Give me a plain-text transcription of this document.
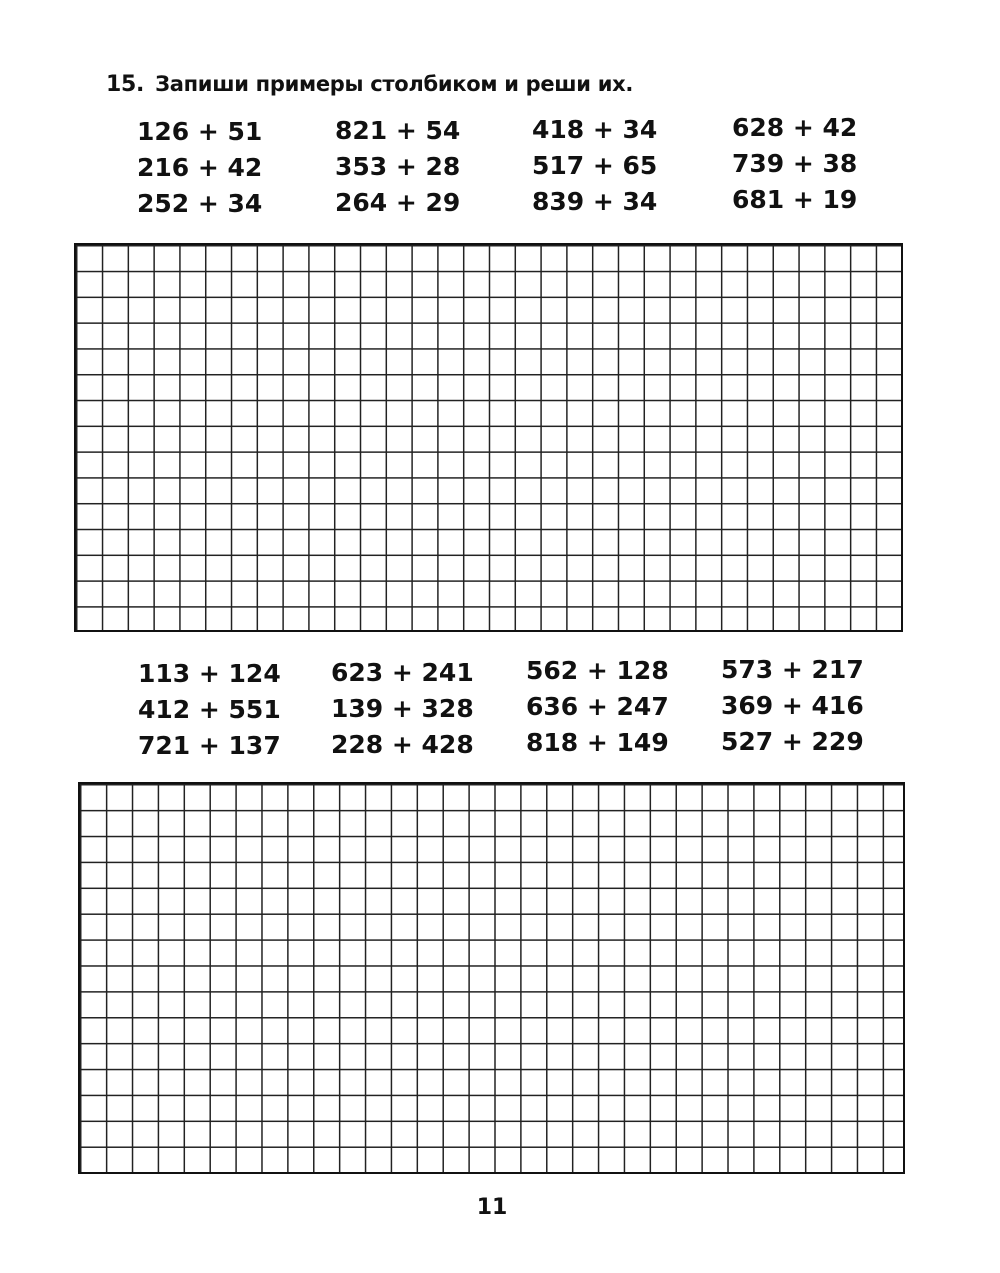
15. Запиши примеры столбиком и реши их.
126 + 51
216 + 42
252 + 34
821 + 54
353 + 28
264 + 29
418 + 34
517 + 65
839 + 34
628 + 42
739 + 38
681 + 19
113 + 124
412 + 551
721 + 137
623 + 241
139 + 328
228 + 428
562 + 128
636 + 247
818 + 149
573 + 217
369 + 416
527 + 229
11
